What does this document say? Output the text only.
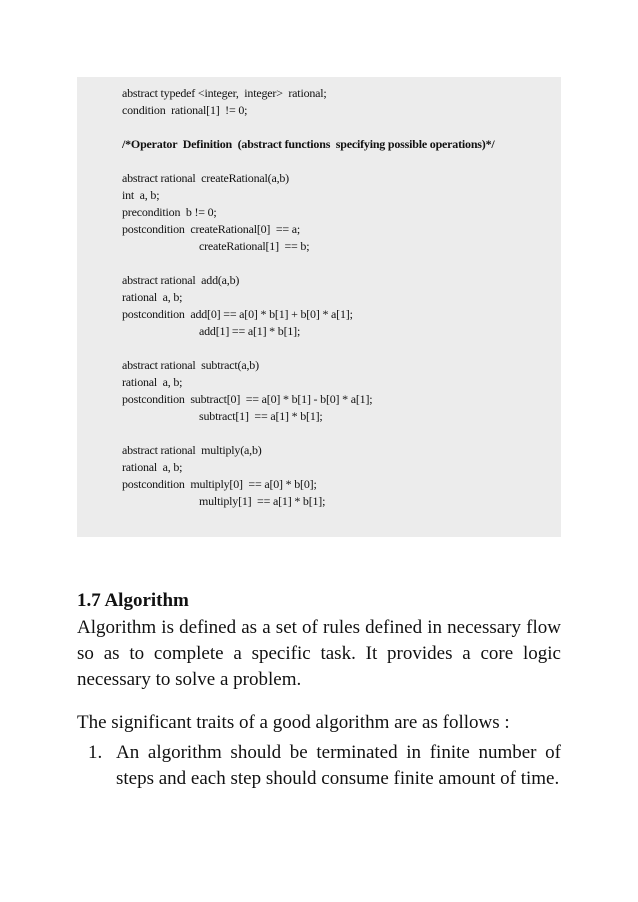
abstract typedef <integer,  integer>  rational;
condition  rational[1]  != 0;
/*Operator  Definition  (abstract functions  specifying possible operations)*/
abstract rational  createRational(a,b)
int  a, b;
precondition  b != 0;
postcondition  createRational[0]  == a;
createRational[1]  == b;
abstract rational  add(a,b)
rational  a, b;
postcondition  add[0] == a[0] * b[1] + b[0] * a[1];
add[1] == a[1] * b[1];
abstract rational  subtract(a,b)
rational  a, b;
postcondition  subtract[0]  == a[0] * b[1] - b[0] * a[1];
subtract[1]  == a[1] * b[1];
abstract rational  multiply(a,b)
rational  a, b;
postcondition  multiply[0]  == a[0] * b[0];
multiply[1]  == a[1] * b[1];
1.7 Algorithm
Algorithm is defined as a set of rules defined in necessary flow so as to complete a specific task. It provides a core logic necessary to solve a problem.
The significant traits of a good algorithm are as follows :
1. An algorithm should be terminated in finite number of steps and each step should consume finite amount of time.
